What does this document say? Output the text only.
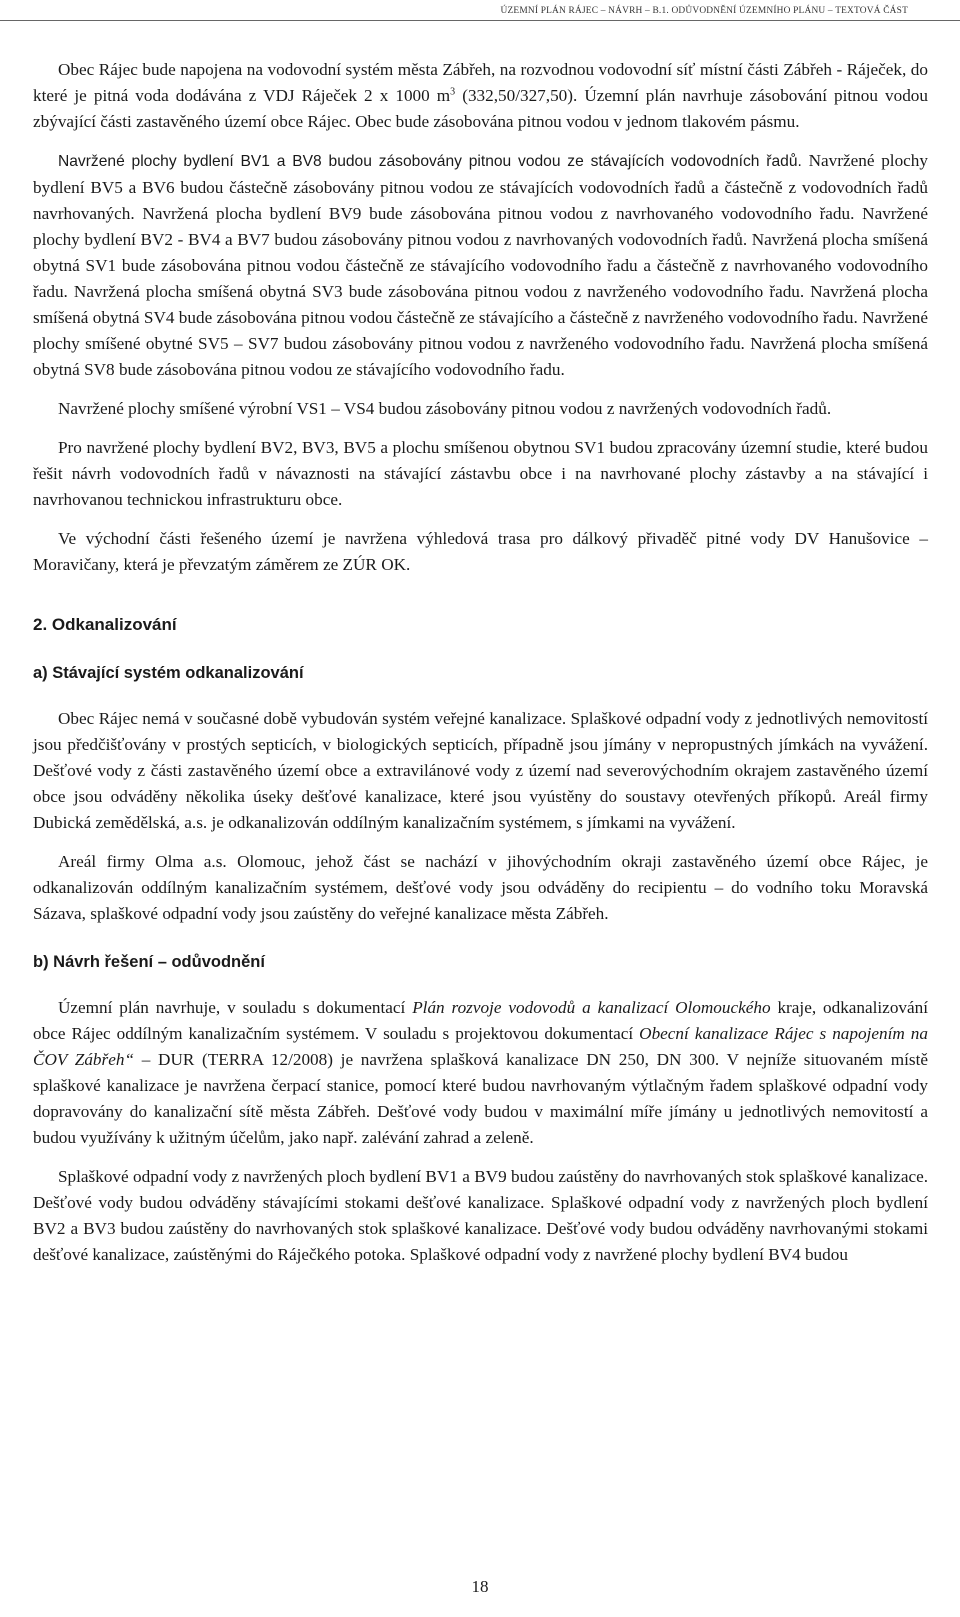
ÚZEMNÍ PLÁN RÁJEC – NÁVRH – B.1. ODŮVODNĚNÍ ÚZEMNÍHO PLÁNU – TEXTOVÁ ČÁST

Obec Rájec bude napojena na vodovodní systém města Zábřeh, na rozvodnou vodovodní síť místní části Zábřeh - Ráječek, do které je pitná voda dodávána z VDJ Ráječek 2 x 1000 $m^3$ (332,50/327,50). Územní plán navrhuje zásobování pitnou vodou zbývající části zastavěného území obce Rájec. Obec bude zásobována pitnou vodou v jednom tlakovém pásmu.

Navržené plochy bydlení BV1 a BV8 budou zásobovány pitnou vodou ze stávajících vodovodních řadů. Navržené plochy bydlení BV5 a BV6 budou částečně zásobovány pitnou vodou ze stávajících vodovodních řadů a částečně z vodovodních řadů navrhovaných. Navržená plocha bydlení BV9 bude zásobována pitnou vodou z navrhovaného vodovodního řadu. Navržené plochy bydlení BV2 - BV4 a BV7 budou zásobovány pitnou vodou z navrhovaných vodovodních řadů. Navržená plocha smíšená obytná SV1 bude zásobována pitnou vodou částečně ze stávajícího vodovodního řadu a částečně z navrhovaného vodovodního řadu. Navržená plocha smíšená obytná SV3 bude zásobována pitnou vodou z navrženého vodovodního řadu. Navržená plocha smíšená obytná SV4 bude zásobována pitnou vodou částečně ze stávajícího a částečně z navrženého vodovodního řadu. Navržené plochy smíšené obytné SV5 – SV7 budou zásobovány pitnou vodou z navrženého vodovodního řadu. Navržená plocha smíšená obytná SV8 bude zásobována pitnou vodou ze stávajícího vodovodního řadu.

Navržené plochy smíšené výrobní VS1 – VS4 budou zásobovány pitnou vodou z navržených vodovodních řadů.

Pro navržené plochy bydlení BV2, BV3, BV5 a plochu smíšenou obytnou SV1 budou zpracovány územní studie, které budou řešit návrh vodovodních řadů v návaznosti na stávající zástavbu obce i na navrhované plochy zástavby a na stávající i navrhovanou technickou infrastrukturu obce.

Ve východní části řešeného území je navržena výhledová trasa pro dálkový přivaděč pitné vody DV Hanušovice – Moravičany, která je převzatým záměrem ze ZÚR OK.

2. Odkanalizování
a) Stávající systém odkanalizování

Obec Rájec nemá v současné době vybudován systém veřejné kanalizace. Splaškové odpadní vody z jednotlivých nemovitostí jsou předčišťovány v prostých septicích, v biologických septicích, případně jsou jímány v nepropustných jímkách na vyvážení. Dešťové vody z části zastavěného území obce a extravilánové vody z území nad severovýchodním okrajem zastavěného území obce jsou odváděny několika úseky dešťové kanalizace, které jsou vyústěny do soustavy otevřených příkopů. Areál firmy Dubická zemědělská, a.s. je odkanalizován oddílným kanalizačním systémem, s jímkami na vyvážení.

Areál firmy Olma a.s. Olomouc, jehož část se nachází v jihovýchodním okraji zastavěného území obce Rájec, je odkanalizován oddílným kanalizačním systémem, dešťové vody jsou odváděny do recipientu – do vodního toku Moravská Sázava, splaškové odpadní vody jsou zaústěny do veřejné kanalizace města Zábřeh.

b) Návrh řešení – odůvodnění

Územní plán navrhuje, v souladu s dokumentací Plán rozvoje vodovodů a kanalizací Olomouckého kraje, odkanalizování obce Rájec oddílným kanalizačním systémem. V souladu s projektovou dokumentací Obecní kanalizace Rájec s napojením na ČOV Zábřeh“ – DUR (TERRA 12/2008) je navržena splašková kanalizace DN 250, DN 300. V nejníže situovaném místě splaškové kanalizace je navržena čerpací stanice, pomocí které budou navrhovaným výtlačným řadem splaškové odpadní vody dopravovány do kanalizační sítě města Zábřeh. Dešťové vody budou v maximální míře jímány u jednotlivých nemovitostí a budou využívány k užitným účelům, jako např. zalévání zahrad a zeleně.

Splaškové odpadní vody z navržených ploch bydlení BV1 a BV9 budou zaústěny do navrhovaných stok splaškové kanalizace. Dešťové vody budou odváděny stávajícími stokami dešťové kanalizace. Splaškové odpadní vody z navržených ploch bydlení BV2 a BV3 budou zaústěny do navrhovaných stok splaškové kanalizace. Dešťové vody budou odváděny navrhovanými stokami dešťové kanalizace, zaústěnými do Ráječkého potoka. Splaškové odpadní vody z navržené plochy bydlení BV4 budou

18
